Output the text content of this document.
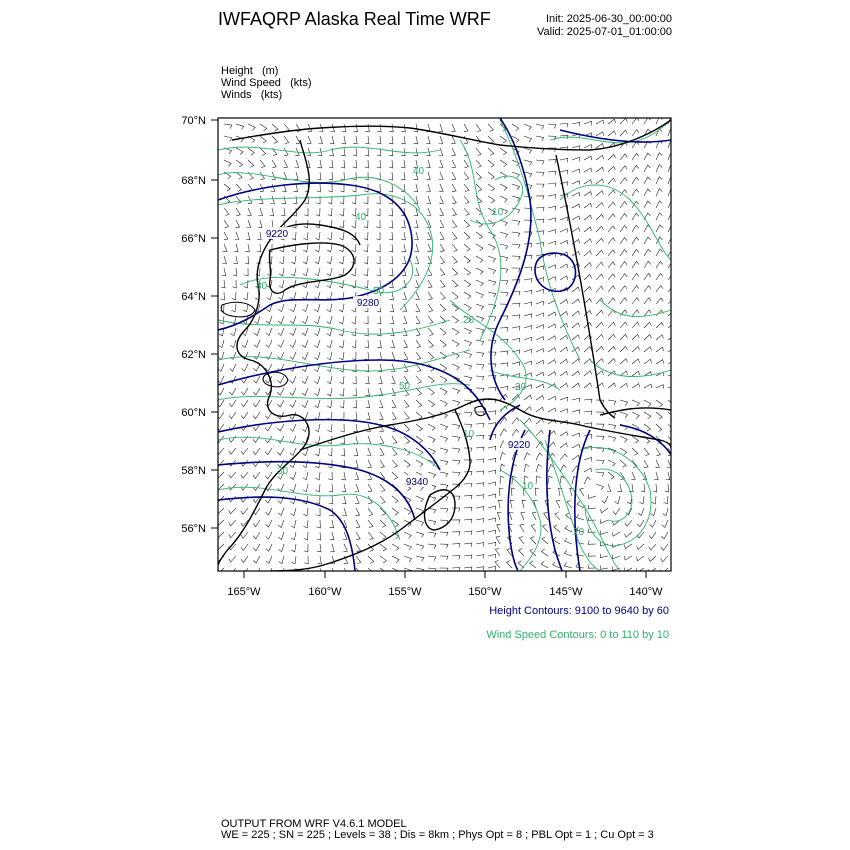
IWFAQRP Alaska Real Time WRF	Init: 2025-06-30_00:00:00
Valid: 2025-07-01_01:00:00
Height (m)
Wind Speed (kts)
Winds (kts)
70°N
68°N
66°N
64°N
62°N
60°N
58°N
56°N
165°W	160°W	155°W	150°W	145°W	140°W
9220
9280
9340
9220
40
40
50
30
20
10
20
10
50
30
10
20
Height Contours: 9100 to 9640 by 60
Wind Speed Contours: 0 to 110 by 10
OUTPUT FROM WRF V4.6.1 MODEL
WE = 225 ; SN = 225 ; Levels = 38 ; Dis = 8km ; Phys Opt = 8 ; PBL Opt = 1 ; Cu Opt = 3
